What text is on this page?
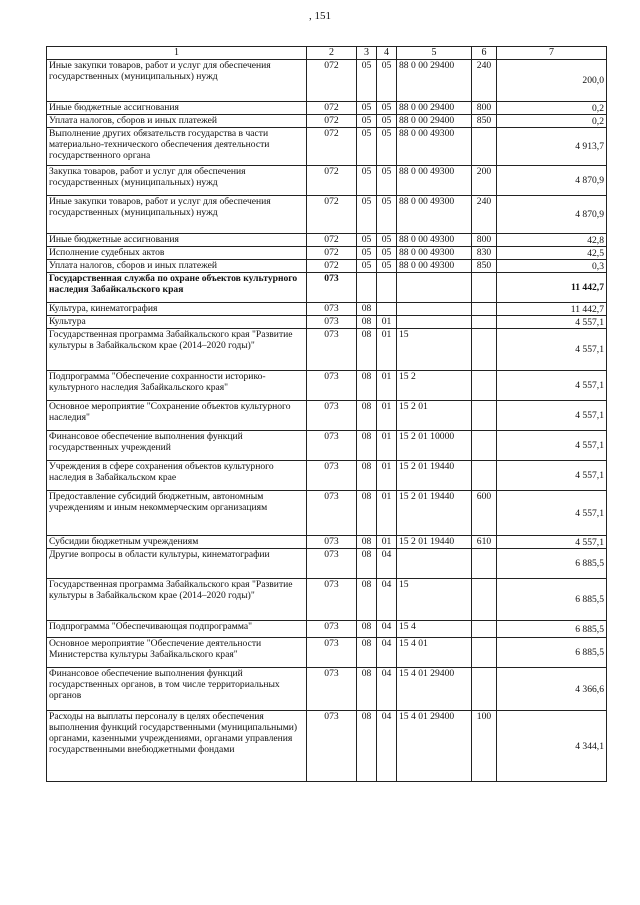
, 151
1	2	3	4	5	6	7
Иные закупки товаров, работ и услуг для обеспечения государственных (муниципальных) нужд	072	05	05	88 0 00 29400	240	200,0
Иные бюджетные ассигнования	072	05	05	88 0 00 29400	800	0,2
Уплата налогов, сборов и иных платежей	072	05	05	88 0 00 29400	850	0,2
Выполнение других обязательств государства в части материально-технического обеспечения деятельности государственного органа	072	05	05	88 0 00 49300		4 913,7
Закупка товаров, работ и услуг для обеспечения государственных (муниципальных) нужд	072	05	05	88 0 00 49300	200	4 870,9
Иные закупки товаров, работ и услуг для обеспечения государственных (муниципальных) нужд	072	05	05	88 0 00 49300	240	4 870,9
Иные бюджетные ассигнования	072	05	05	88 0 00 49300	800	42,8
Исполнение судебных актов	072	05	05	88 0 00 49300	830	42,5
Уплата налогов, сборов и иных платежей	072	05	05	88 0 00 49300	850	0,3
Государственная служба по охране объектов культурного наследия Забайкальского края	073					11 442,7
Культура, кинематография	073	08				11 442,7
Культура	073	08	01			4 557,1
Государственная программа Забайкальского края "Развитие культуры в Забайкальском крае (2014–2020 годы)"	073	08	01	15		4 557,1
Подпрограмма "Обеспечение сохранности историко-культурного наследия Забайкальского края"	073	08	01	15 2		4 557,1
Основное мероприятие "Сохранение объектов культурного наследия"	073	08	01	15 2 01		4 557,1
Финансовое обеспечение выполнения функций государственных учреждений	073	08	01	15 2 01 10000		4 557,1
Учреждения в сфере сохранения объектов культурного наследия в Забайкальском крае	073	08	01	15 2 01 19440		4 557,1
Предоставление субсидий бюджетным, автономным учреждениям и иным некоммерческим организациям	073	08	01	15 2 01 19440	600	4 557,1
Субсидии бюджетным учреждениям	073	08	01	15 2 01 19440	610	4 557,1
Другие вопросы в области культуры, кинематографии	073	08	04			6 885,5
Государственная программа Забайкальского края "Развитие культуры в Забайкальском крае (2014–2020 годы)"	073	08	04	15		6 885,5
Подпрограмма "Обеспечивающая подпрограмма"	073	08	04	15 4		6 885,5
Основное мероприятие "Обеспечение деятельности Министерства культуры Забайкальского края"	073	08	04	15 4 01		6 885,5
Финансовое обеспечение выполнения функций государственных органов, в том числе территориальных органов	073	08	04	15 4 01 29400		4 366,6
Расходы на выплаты персоналу в целях обеспечения выполнения функций государственными (муниципальными) органами, казенными учреждениями, органами управления государственными внебюджетными фондами	073	08	04	15 4 01 29400	100	4 344,1
